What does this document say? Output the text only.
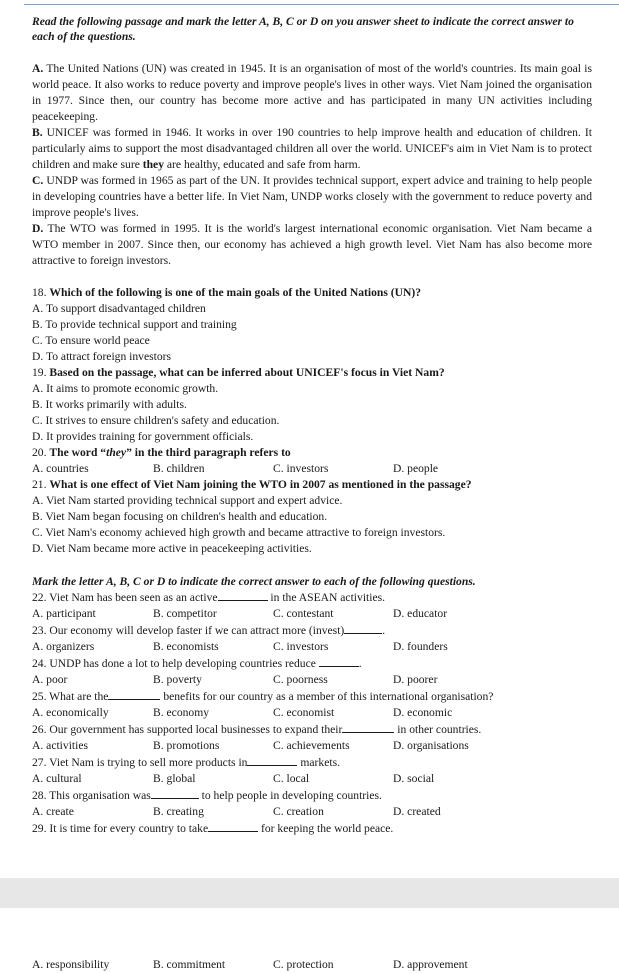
Read the following passage and mark the letter A, B, C or D on you answer sheet to indicate the correct answer to each of the questions.
A. The United Nations (UN) was created in 1945. It is an organisation of most of the world's countries. Its main goal is world peace. It also works to reduce poverty and improve people's lives in other ways. Viet Nam joined the organisation in 1977. Since then, our country has become more active and has participated in many UN activities including peacekeeping.
B. UNICEF was formed in 1946. It works in over 190 countries to help improve health and education of children. It particularly aims to support the most disadvantaged children all over the world. UNICEF's aim in Viet Nam is to protect children and make sure they are healthy, educated and safe from harm.
C. UNDP was formed in 1965 as part of the UN. It provides technical support, expert advice and training to help people in developing countries have a better life. In Viet Nam, UNDP works closely with the government to reduce poverty and improve people's lives.
D. The WTO was formed in 1995. It is the world's largest international economic organisation. Viet Nam became a WTO member in 2007. Since then, our economy has achieved a high growth level. Viet Nam has also become more attractive to foreign investors.
18. Which of the following is one of the main goals of the United Nations (UN)?
A. To support disadvantaged children
B. To provide technical support and training
C. To ensure world peace
D. To attract foreign investors
19. Based on the passage, what can be inferred about UNICEF's focus in Viet Nam?
A. It aims to promote economic growth.
B. It works primarily with adults.
C. It strives to ensure children's safety and education.
D. It provides training for government officials.
20. The word “they” in the third paragraph refers to
A. countries	B. children	C. investors	D. people
21. What is one effect of Viet Nam joining the WTO in 2007 as mentioned in the passage?
A. Viet Nam started providing technical support and expert advice.
B. Viet Nam began focusing on children's health and education.
C. Viet Nam's economy achieved high growth and became attractive to foreign investors.
D. Viet Nam became more active in peacekeeping activities.
Mark the letter A, B, C or D to indicate the correct answer to each of the following questions.
22. Viet Nam has been seen as an active	in the ASEAN activities.
A. participant	B. competitor	C. contestant	D. educator
23. Our economy will develop faster if we can attract more (invest)	.
A. organizers	B. economists	C. investors	D. founders
24. UNDP has done a lot to help developing countries reduce	.
A. poor	B. poverty	C. poorness	D. poorer
25. What are the	benefits for our country as a member of this international organisation?
A. economically	B. economy	C. economist	D. economic
26. Our government has supported local businesses to expand their	in other countries.
A. activities	B. promotions	C. achievements	D. organisations
27. Viet Nam is trying to sell more products in	markets.
A. cultural	B. global	C. local	D. social
28. This organisation was	to help people in developing countries.
A. create	B. creating	C. creation	D. created
29. It is time for every country to take	for keeping the world peace.
A. responsibility	B. commitment	C. protection	D. approvement
